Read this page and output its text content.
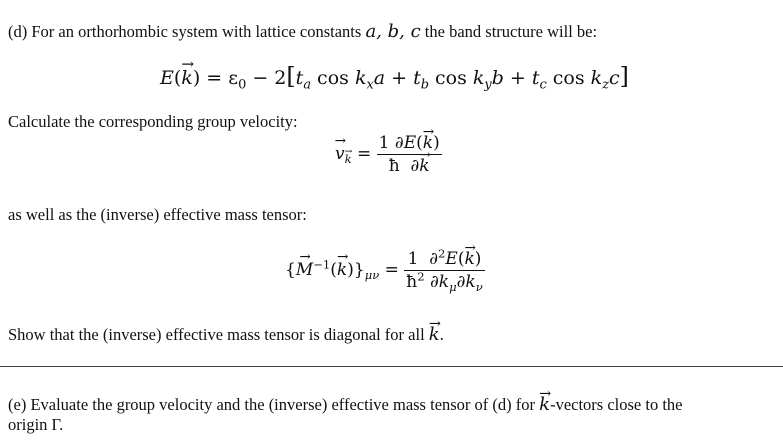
(d) For an orthorhombic system with lattice constants a, b, c the band structure will be:
$E(\to k) = \varepsilon_0 - 2[t_a$ $\cos k_xa + t_b$ $\cos k_yb + t_c$ $\cos k_zc$]
Calculate the corresponding group velocity:
→ $v_k = \frac{1 \partial E(\to k)}{ħ \partial\to k}$
as well as the (inverse) effective mass tensor:
{→ $M^{-1}(\to k)\}_{\mu\nu} = \frac{1 \partial^2E(\to k)}{ħ^2 \partial k_\mu\partial k_\nu}$
Show that the (inverse) effective mass tensor is diagonal for all → k.
(e) Evaluate the group velocity and the (inverse) effective mass tensor of (d) for → k-vectors close to the
origin Γ.
